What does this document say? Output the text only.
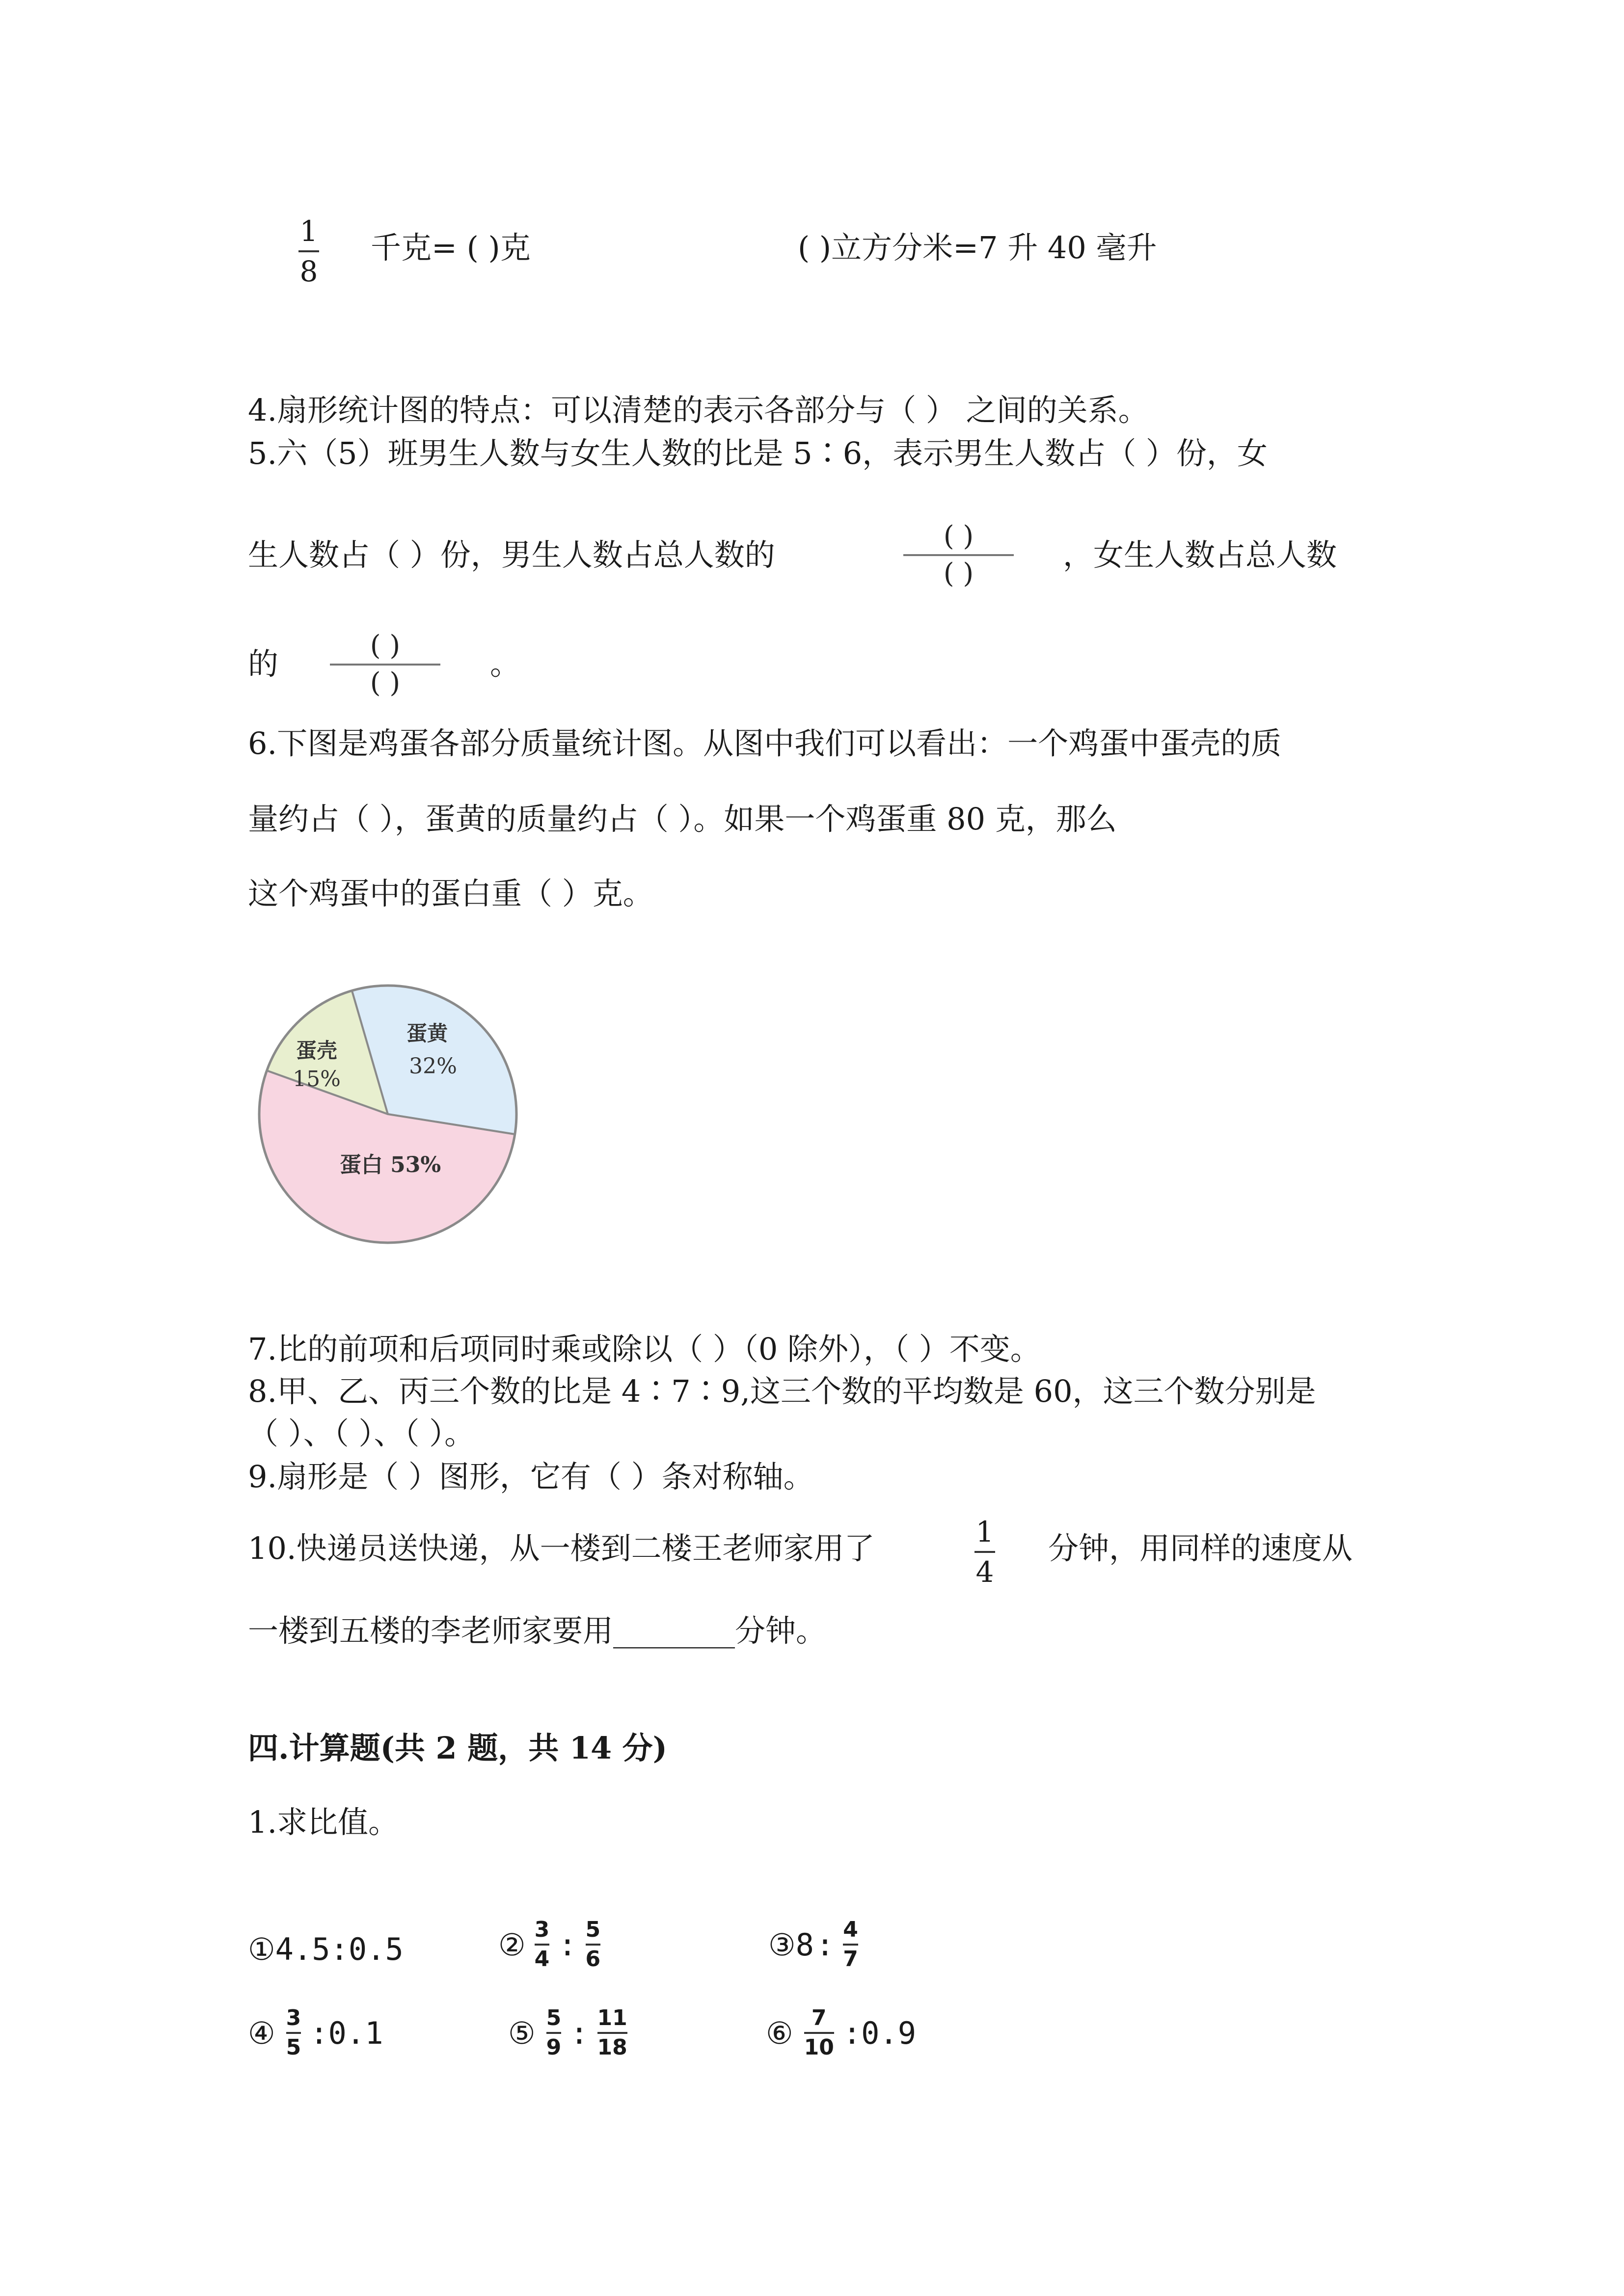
1
8
千克= ( )克	( )立方分米=7 升 40 毫升
4.扇形统计图的特点：可以清楚的表示各部分与（ ） 之间的关系。
5.六（5）班男生人数与女生人数的比是 5∶6，表示男生人数占（ ）份，女
生人数占（ ）份，男生人数占总人数的
( )
( )
，女生人数占总人数
的
( )
( )
。
6.下图是鸡蛋各部分质量统计图。从图中我们可以看出：一个鸡蛋中蛋壳的质
量约占（ ），蛋黄的质量约占（ ）。如果一个鸡蛋重 80 克，那么
这个鸡蛋中的蛋白重（ ）克。
蛋壳
15%
蛋黄
32%
蛋白 53%
7.比的前项和后项同时乘或除以（ ）（0 除外），（ ）不变。
8.甲、乙、丙三个数的比是 4∶7∶9,这三个数的平均数是 60，这三个数分别是
（ ）、（ ）、（ ）。
9.扇形是（ ）图形，它有（ ）条对称轴。
10.快递员送快递，从一楼到二楼王老师家用了	1
4
分钟，用同样的速度从
一楼到五楼的李老师家要用________分钟。
四.计算题(共 2 题，共 14 分)
1.求比值。
① 4.5 : 0.5	② 3
4 : 5
6	③ 8 : 4
7
④ 3
5 : 0.1	⑤ 5
9 : 11
18	⑥ 7
10 : 0.9
